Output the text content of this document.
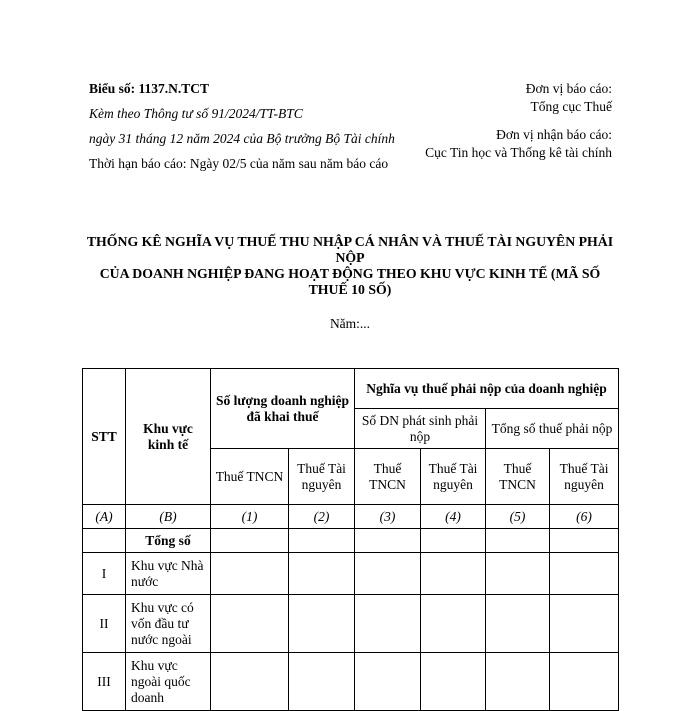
Biểu số: 1137.N.TCT
Kèm theo Thông tư số 91/2024/TT-BTC
ngày 31 tháng 12 năm 2024 của Bộ trưởng Bộ Tài chính
Thời hạn báo cáo: Ngày 02/5 của năm sau năm báo cáo
Đơn vị báo cáo:
Tổng cục Thuế
Đơn vị nhận báo cáo:
Cục Tin học và Thống kê tài chính
THỐNG KÊ NGHĨA VỤ THUẾ THU NHẬP CÁ NHÂN VÀ THUẾ TÀI NGUYÊN PHẢI NỘP
CỦA DOANH NGHIỆP ĐANG HOẠT ĐỘNG THEO KHU VỰC KINH TẾ (MÃ SỐ THUẾ 10 SỐ)
Năm:...
STT	Khu vực kinh tế	Số lượng doanh nghiệp đã khai thuế		Nghĩa vụ thuế phải nộp của doanh nghiệp			
				Số DN phát sinh phải nộp		Tổng số thuế phải nộp	
		Thuế TNCN	Thuế Tài nguyên	Thuế TNCN	Thuế Tài nguyên	Thuế TNCN	Thuế Tài nguyên
(A)	(B)	(1)	(2)	(3)	(4)	(5)	(6)
	Tổng số						
I	Khu vực Nhà nước						
II	Khu vực có vốn đầu tư nước ngoài						
III	Khu vực ngoài quốc doanh						
